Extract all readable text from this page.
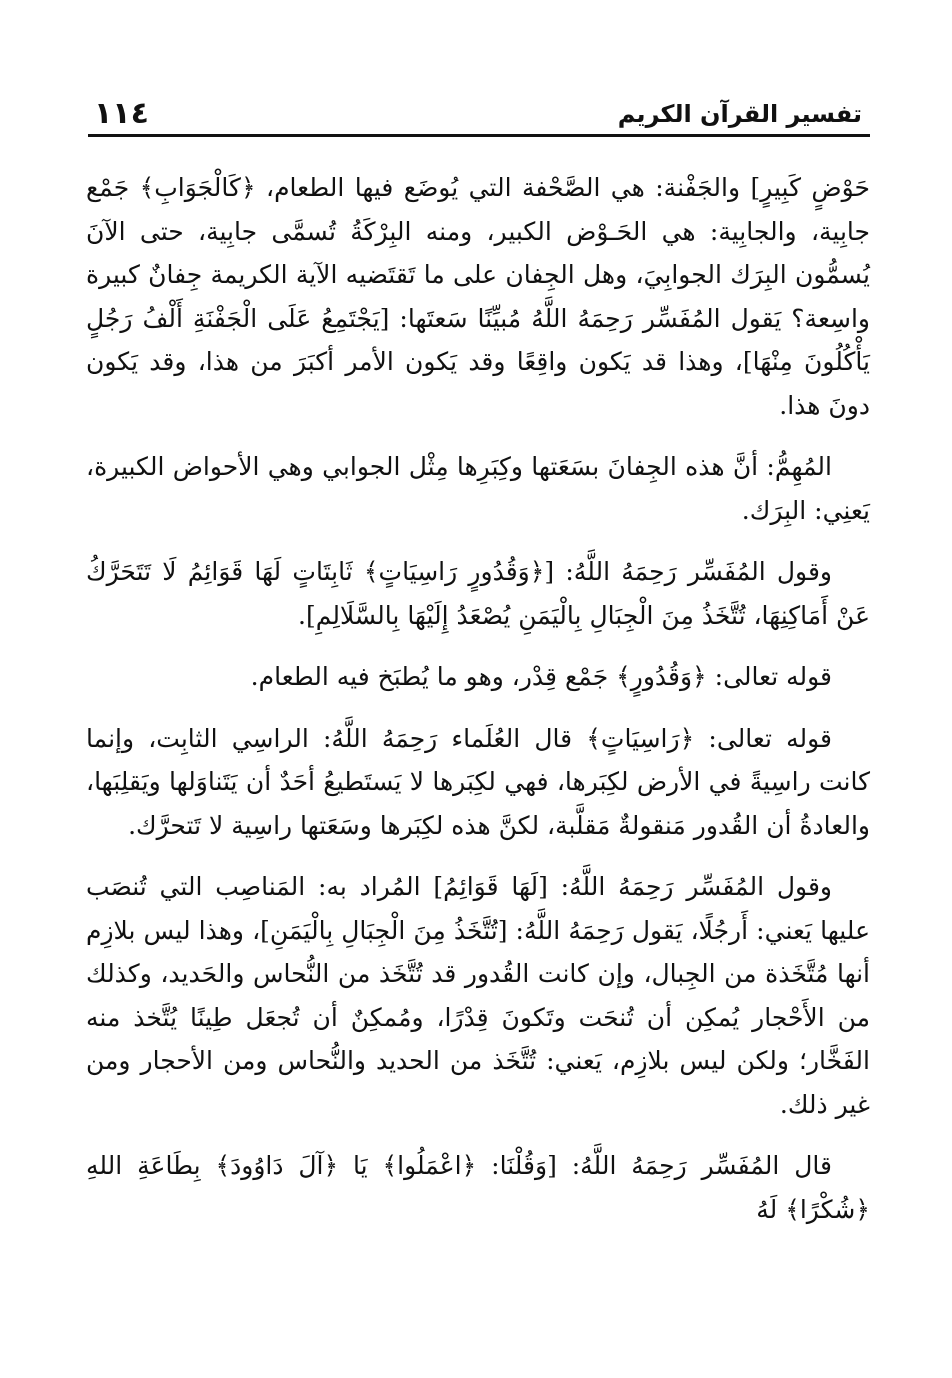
١١٤	تفسير القرآن الكريم

حَوْضٍ كَبِيرٍ] والجَفْنة: هي الصَّحْفة التي يُوضَع فيها الطعام، ﴿كَالْجَوَابِ﴾ جَمْع جابِية، والجابِية: هي الحَـوْض الكبير، ومنه البِرْكَةُ تُسمَّى جابِية، حتى الآنَ يُسمُّون البِرَك الجوابِيَ، وهل الجِفان على ما تَقتَضيه الآية الكريمة جِفانٌ كبيرة واسِعة؟ يَقول المُفَسِّر رَحِمَهُ اللَّهُ مُبيِّنًا سَعتَها: [يَجْتَمِعُ عَلَى الْجَفْنَةِ أَلْفُ رَجُلٍ يَأْكُلُونَ مِنْهَا]، وهذا قد يَكون واقِعًا وقد يَكون الأمر أكبَرَ من هذا، وقد يَكون دونَ هذا.

المُهِمُّ: أنَّ هذه الجِفانَ بسَعَتها وكِبَرِها مِثْل الجوابي وهي الأحواض الكبيرة، يَعنِي: البِرَك.

وقول المُفَسِّر رَحِمَهُ اللَّهُ: [﴿وَقُدُورٍ رَاسِيَاتٍ﴾ ثَابِتَاتٍ لَهَا قَوَائِمُ لَا تَتَحَرَّكُ عَنْ أَمَاكِنِهَا، تُتَّخَذُ مِنَ الْجِبَالِ بِالْيَمَنِ يُصْعَدُ إِلَيْهَا بِالسَّلَالِمِ].

قوله تعالى: ﴿وَقُدُورٍ﴾ جَمْع قِدْر، وهو ما يُطبَخ فيه الطعام.

قوله تعالى: ﴿رَاسِيَاتٍ﴾ قال العُلَماء رَحِمَهُ اللَّهُ: الراسِي الثابِت، وإنما كانت راسِيةً في الأرض لكِبَرها، فهي لكِبَرها لا يَستَطيعُ أحَدٌ أن يَتَناوَلها ويَقلِبَها، والعادةُ أن القُدور مَنقولةٌ مَقلَّبة، لكنَّ هذه لكِبَرها وسَعَتها راسِية لا تَتحرَّك.

وقول المُفَسِّر رَحِمَهُ اللَّهُ: [لَهَا قَوَائِمُ] المُراد به: المَناصِب التي تُنصَب عليها يَعني: أَرجُلًا، يَقول رَحِمَهُ اللَّهُ: [تُتَّخَذُ مِنَ الْجِبَالِ بِالْيَمَنِ]، وهذا ليس بلازِم أنها مُتَّخَذة من الجِبال، وإن كانت القُدور قد تُتَّخَذ من النُّحاس والحَديد، وكذلك من الأَحْجار يُمكِن أن تُنحَت وتَكونَ قِدْرًا، ومُمكِنٌ أن تُجعَل طِينًا يُتَّخذ منه الفَخَّار؛ ولكن ليس بلازِم، يَعني: تُتَّخَذ من الحديد والنُّحاس ومن الأحجار ومن غير ذلك.

قال المُفَسِّر رَحِمَهُ اللَّهُ: [وَقُلْنَا: ﴿اعْمَلُوا﴾ يَا ﴿آلَ دَاوُودَ﴾ بِطَاعَةِ اللهِ ﴿شُكْرًا﴾ لَهُ
